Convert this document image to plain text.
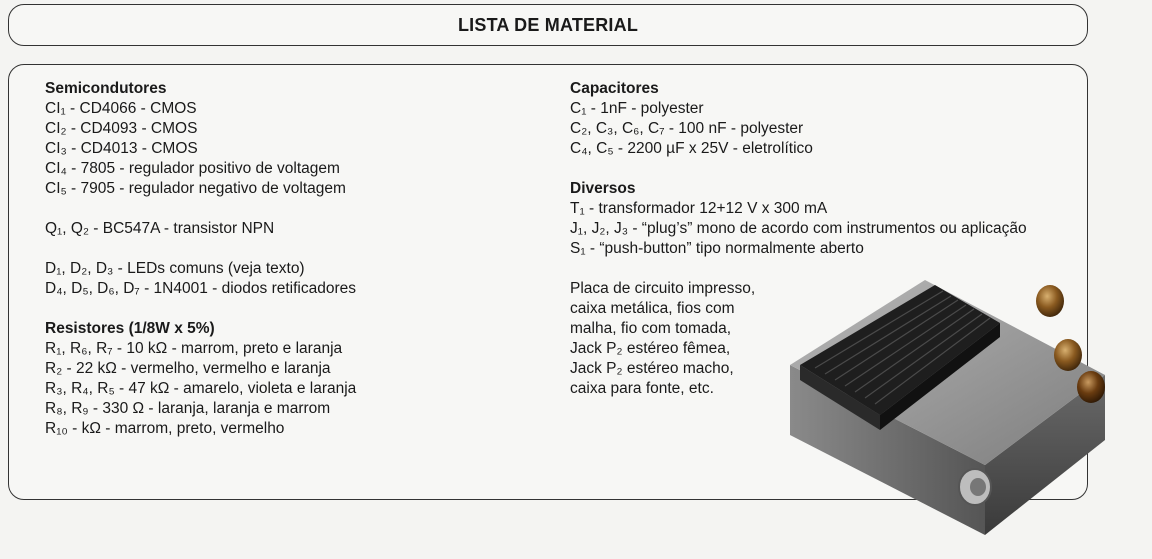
LISTA DE MATERIAL
Semicondutores
CI₁ - CD4066 - CMOS
CI₂ - CD4093 - CMOS
CI₃ - CD4013 - CMOS
CI₄ - 7805 - regulador positivo de voltagem
CI₅ - 7905 - regulador negativo de voltagem
Q₁, Q₂ - BC547A - transistor NPN
D₁, D₂, D₃ - LEDs comuns (veja texto)
D₄, D₅, D₆, D₇ - 1N4001 - diodos retificadores
Resistores (1/8W x 5%)
R₁, R₆, R₇ - 10 kΩ - marrom, preto e laranja
R₂ - 22 kΩ - vermelho, vermelho e laranja
R₃, R₄, R₅ - 47 kΩ - amarelo, violeta e laranja
R₈, R₉ - 330 Ω - laranja, laranja e marrom
R₁₀ - kΩ - marrom, preto, vermelho
Capacitores
C₁ - 1nF - polyester
C₂, C₃, C₆, C₇ - 100 nF - polyester
C₄, C₅ - 2200 µF x 25V - eletrolítico
Diversos
T₁ - transformador 12+12 V x 300 mA
J₁, J₂, J₃ - “plug’s” mono de acordo com instrumentos ou aplicação
S₁ - “push-button” tipo normalmente aberto
Placa de circuito impresso,
caixa metálica, fios com
malha, fio com tomada,
Jack P₂ estéreo fêmea,
Jack P₂ estéreo macho,
caixa para fonte, etc.
